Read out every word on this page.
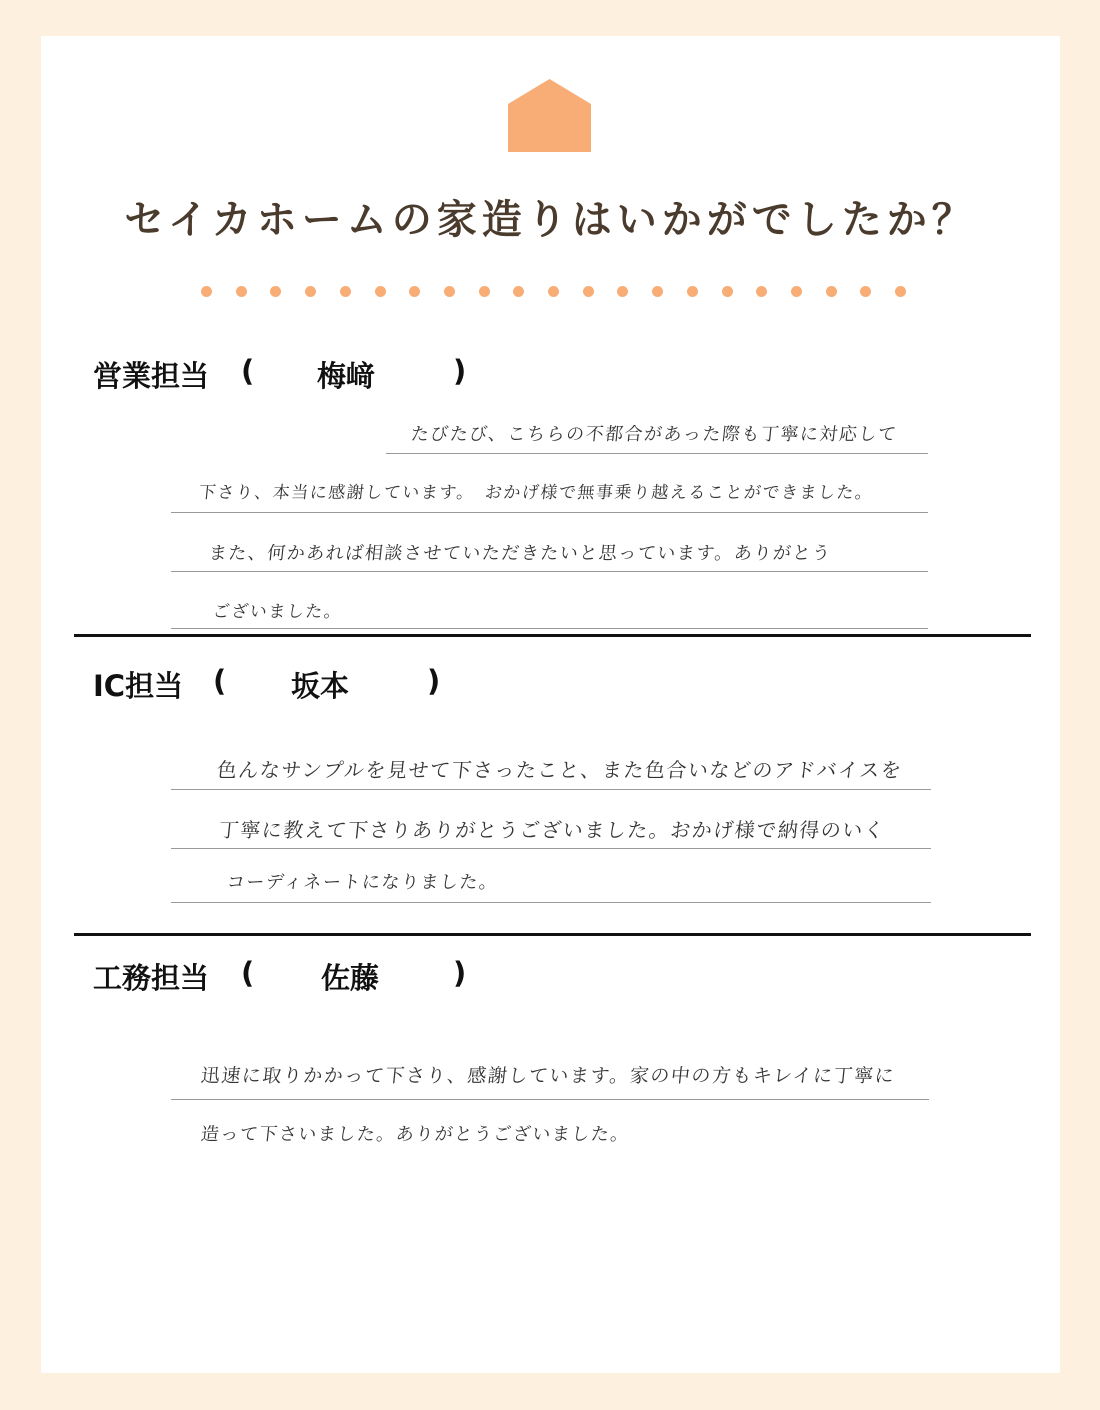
セイカホームの家造りはいかがでしたか？
営業担当 ( 梅﨑	)
たびたび、こちらの不都合があった際も丁寧に対応して
下さり、本当に感謝しています。　おかげ様で無事乗り越えることができました。
また、何かあれば相談させていただきたいと思っています。ありがとう
ございました。
IC担当 ( 坂本	)
色んなサンプルを見せて下さったこと、また色合いなどのアドバイスを
丁寧に教えて下さりありがとうございました。おかげ様で納得のいく
コーディネートになりました。
工務担当 ( 佐藤	)
迅速に取りかかって下さり、感謝しています。家の中の方もキレイに丁寧に
造って下さいました。ありがとうございました。
